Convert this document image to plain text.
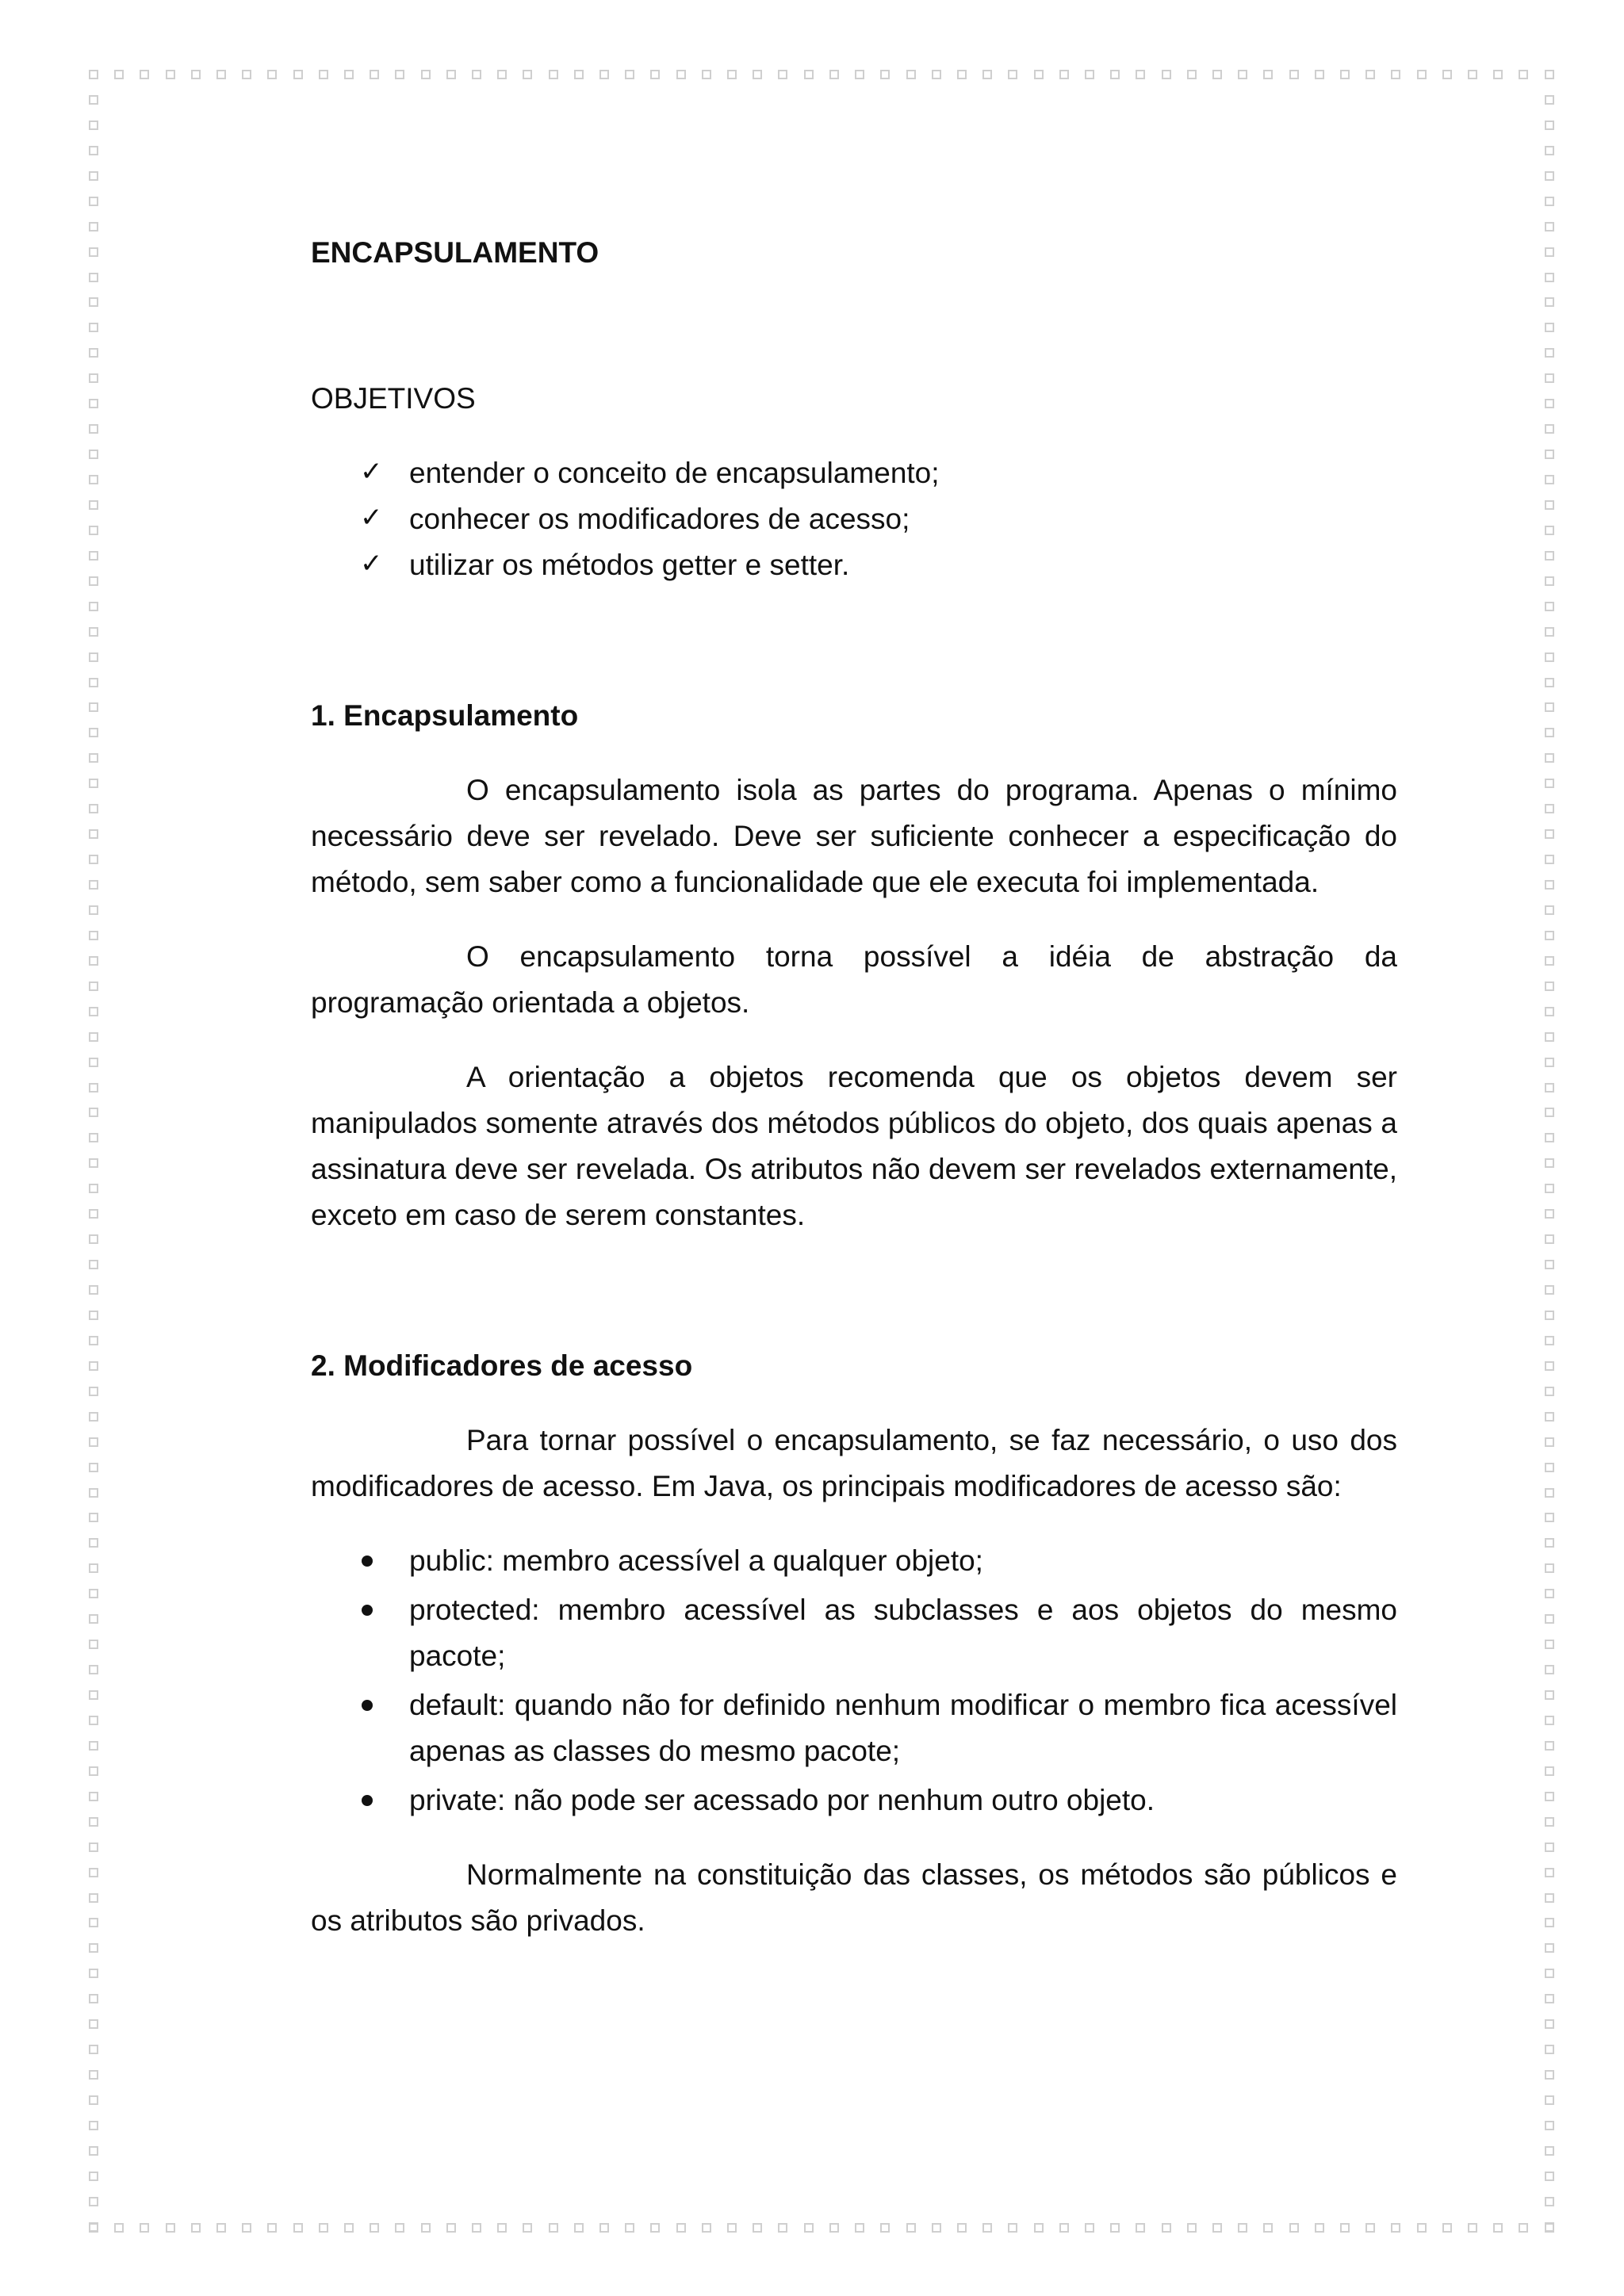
ENCAPSULAMENTO
OBJETIVOS
✓ entender o conceito de encapsulamento;
✓ conhecer os modificadores de acesso;
✓ utilizar os métodos getter e setter.
1. Encapsulamento

O encapsulamento isola as partes do programa. Apenas o mínimo necessário deve ser revelado. Deve ser suficiente conhecer a especificação do método, sem saber como a funcionalidade que ele executa foi implementada.

O encapsulamento torna possível a idéia de abstração da programação orientada a objetos.

A orientação a objetos recomenda que os objetos devem ser manipulados somente através dos métodos públicos do objeto, dos quais apenas a assinatura deve ser revelada. Os atributos não devem ser revelados externamente, exceto em caso de serem constantes.

2. Modificadores de acesso

Para tornar possível o encapsulamento, se faz necessário, o uso dos modificadores de acesso. Em Java, os principais modificadores de acesso são:

public: membro acessível a qualquer objeto;
protected: membro acessível as subclasses e aos objetos do mesmo pacote;
default: quando não for definido nenhum modificar o membro fica acessível apenas as classes do mesmo pacote;
private: não pode ser acessado por nenhum outro objeto.

Normalmente na constituição das classes, os métodos são públicos e os atributos são privados.
